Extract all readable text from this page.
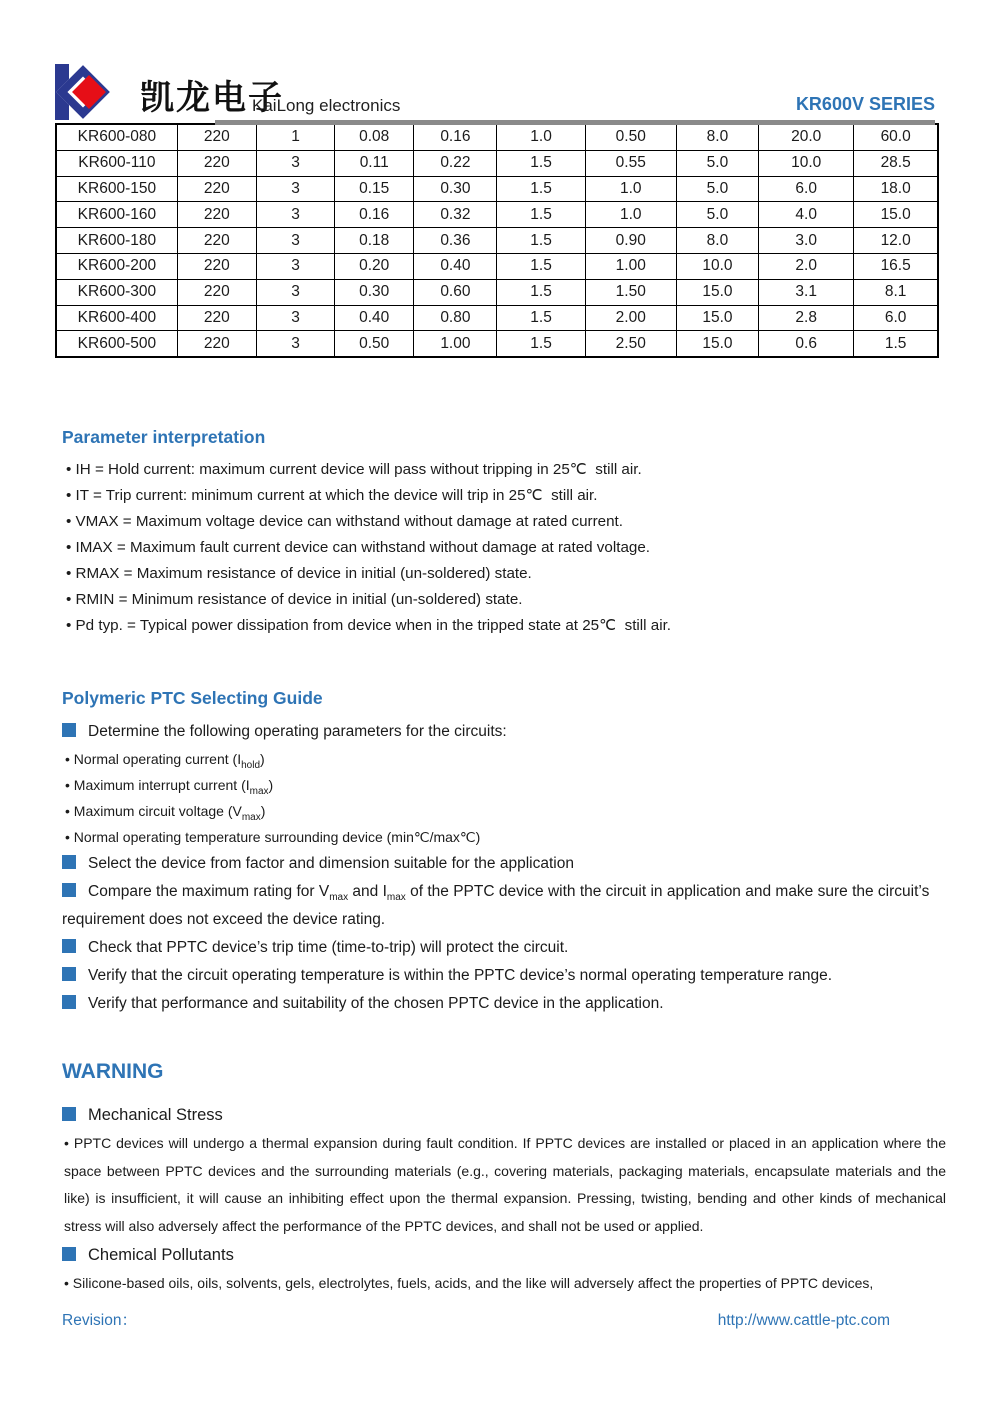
凯龙电子
KaiLong electronics	KR600V SERIES
KR600-080	220	1	0.08	0.16	1.0	0.50	8.0	20.0	60.0
KR600-110	220	3	0.11	0.22	1.5	0.55	5.0	10.0	28.5
KR600-150	220	3	0.15	0.30	1.5	1.0	5.0	6.0	18.0
KR600-160	220	3	0.16	0.32	1.5	1.0	5.0	4.0	15.0
KR600-180	220	3	0.18	0.36	1.5	0.90	8.0	3.0	12.0
KR600-200	220	3	0.20	0.40	1.5	1.00	10.0	2.0	16.5
KR600-300	220	3	0.30	0.60	1.5	1.50	15.0	3.1	8.1
KR600-400	220	3	0.40	0.80	1.5	2.00	15.0	2.8	6.0
KR600-500	220	3	0.50	1.00	1.5	2.50	15.0	0.6	1.5
Parameter interpretation
• IH = Hold current: maximum current device will pass without tripping in 25℃  still air.
• IT = Trip current: minimum current at which the device will trip in 25℃  still air.
• VMAX = Maximum voltage device can withstand without damage at rated current.
• IMAX = Maximum fault current device can withstand without damage at rated voltage.
• RMAX = Maximum resistance of device in initial (un-soldered) state.
• RMIN = Minimum resistance of device in initial (un-soldered) state.
• Pd typ. = Typical power dissipation from device when in the tripped state at 25℃  still air.
Polymeric PTC Selecting Guide
Determine the following operating parameters for the circuits:
• Normal operating current $(I_{hold})$
• Maximum interrupt current $(I_{max})$
• Maximum circuit voltage $(V_{max})$
• Normal operating temperature surrounding device (min℃/max℃)
Select the device from factor and dimension suitable for the application
Compare the maximum rating for $V_{max}$ and $I_{max}$ of the PPTC device with the circuit in application and make sure the circuit’s requirement does not exceed the device rating.
Check that PPTC device’s trip time (time-to-trip) will protect the circuit.
Verify that the circuit operating temperature is within the PPTC device’s normal operating temperature range.
Verify that performance and suitability of the chosen PPTC device in the application.
WARNING
Mechanical Stress

• PPTC devices will undergo a thermal expansion during fault condition. If PPTC devices are installed or placed in an application where the space between PPTC devices and the surrounding materials (e.g., covering materials, packaging materials, encapsulate materials and the like) is insufficient, it will cause an inhibiting effect upon the thermal expansion. Pressing, twisting, bending and other kinds of mechanical stress will also adversely affect the performance of the PPTC devices, and shall not be used or applied.

Chemical Pollutants

• Silicone-based oils, oils, solvents, gels, electrolytes, fuels, acids, and the like will adversely affect the properties of PPTC devices,

Revision：	http://www.cattle-ptc.com
